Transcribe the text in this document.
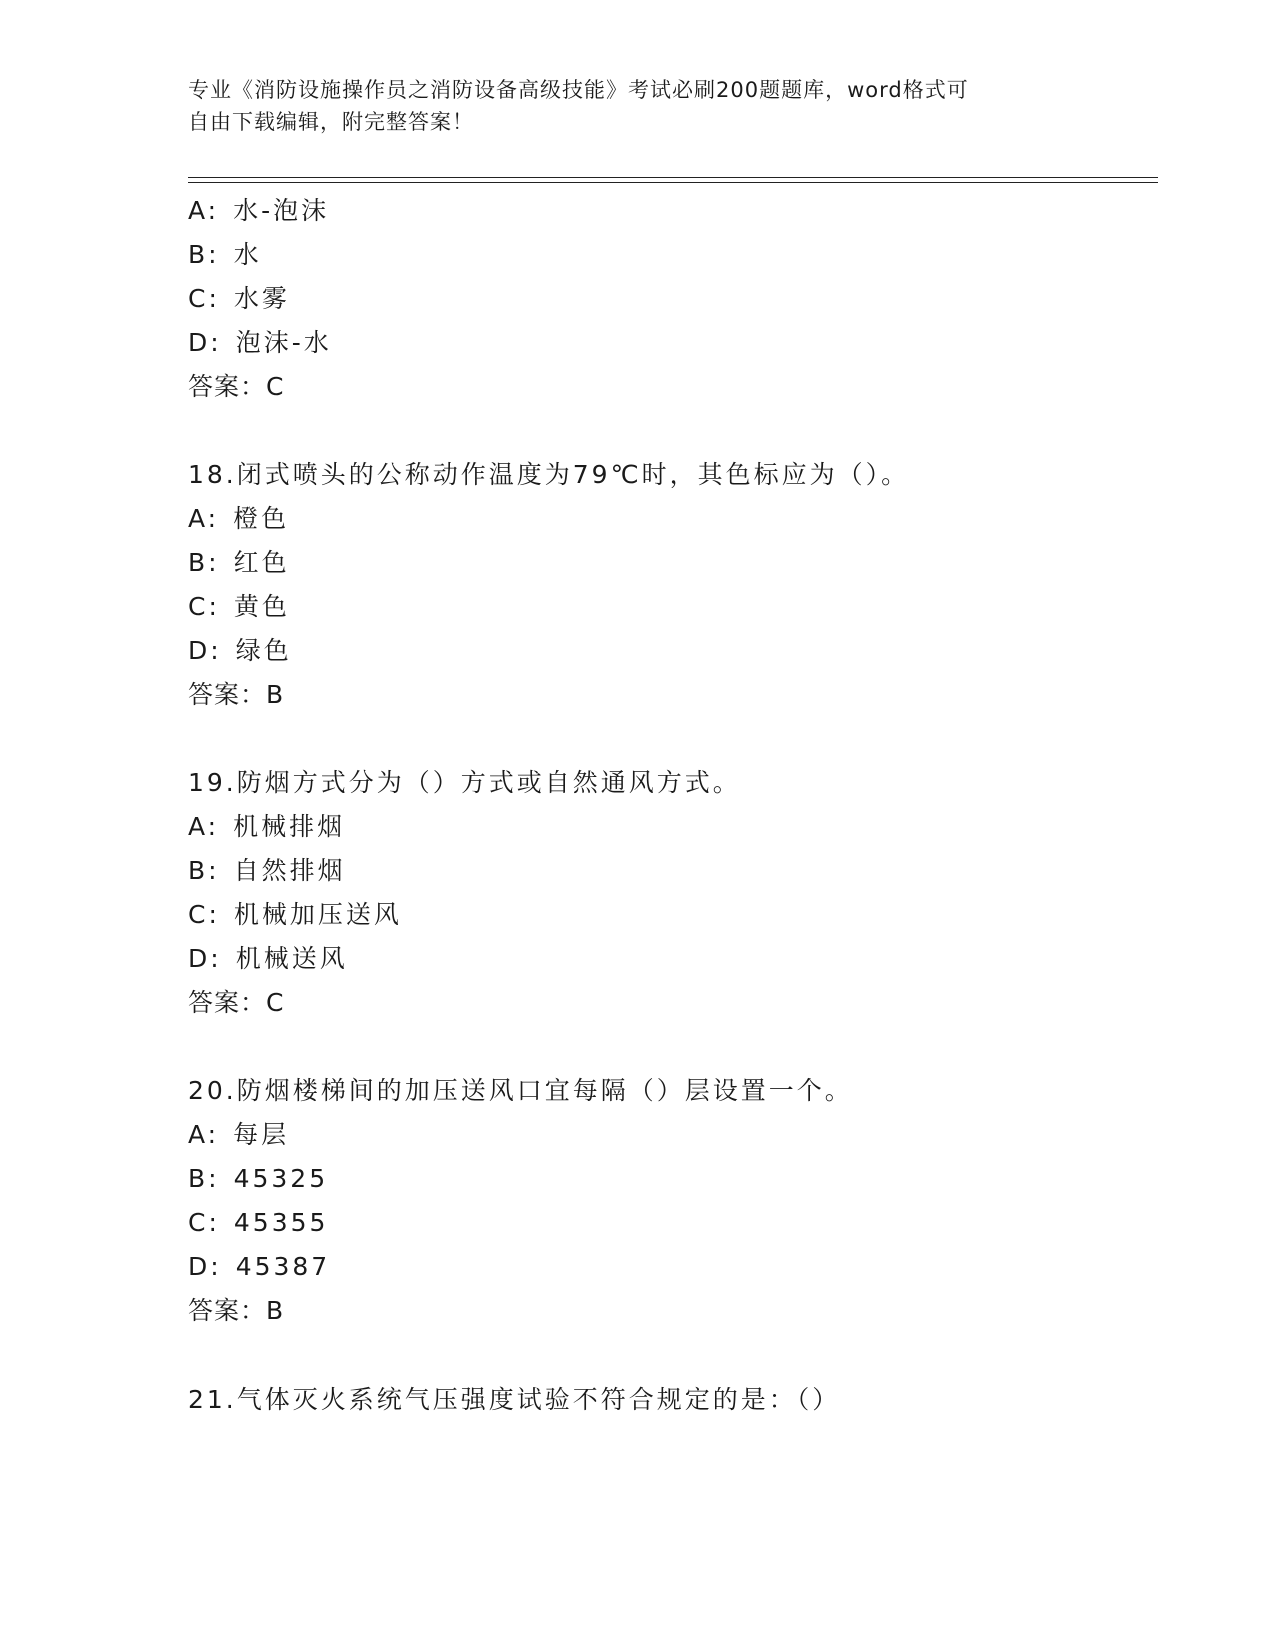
专业《消防设施操作员之消防设备高级技能》考试必刷200题题库，word格式可
自由下载编辑，附完整答案！
A: 水-泡沫
B: 水
C: 水雾
D: 泡沫-水
答案：C
18.闭式喷头的公称动作温度为79℃时，其色标应为（）。
A: 橙色
B: 红色
C: 黄色
D: 绿色
答案：B
19.防烟方式分为（）方式或自然通风方式。
A: 机械排烟
B: 自然排烟
C: 机械加压送风
D: 机械送风
答案：C
20.防烟楼梯间的加压送风口宜每隔（）层设置一个。
A: 每层
B: 45325
C: 45355
D: 45387
答案：B
21.气体灭火系统气压强度试验不符合规定的是：（）
